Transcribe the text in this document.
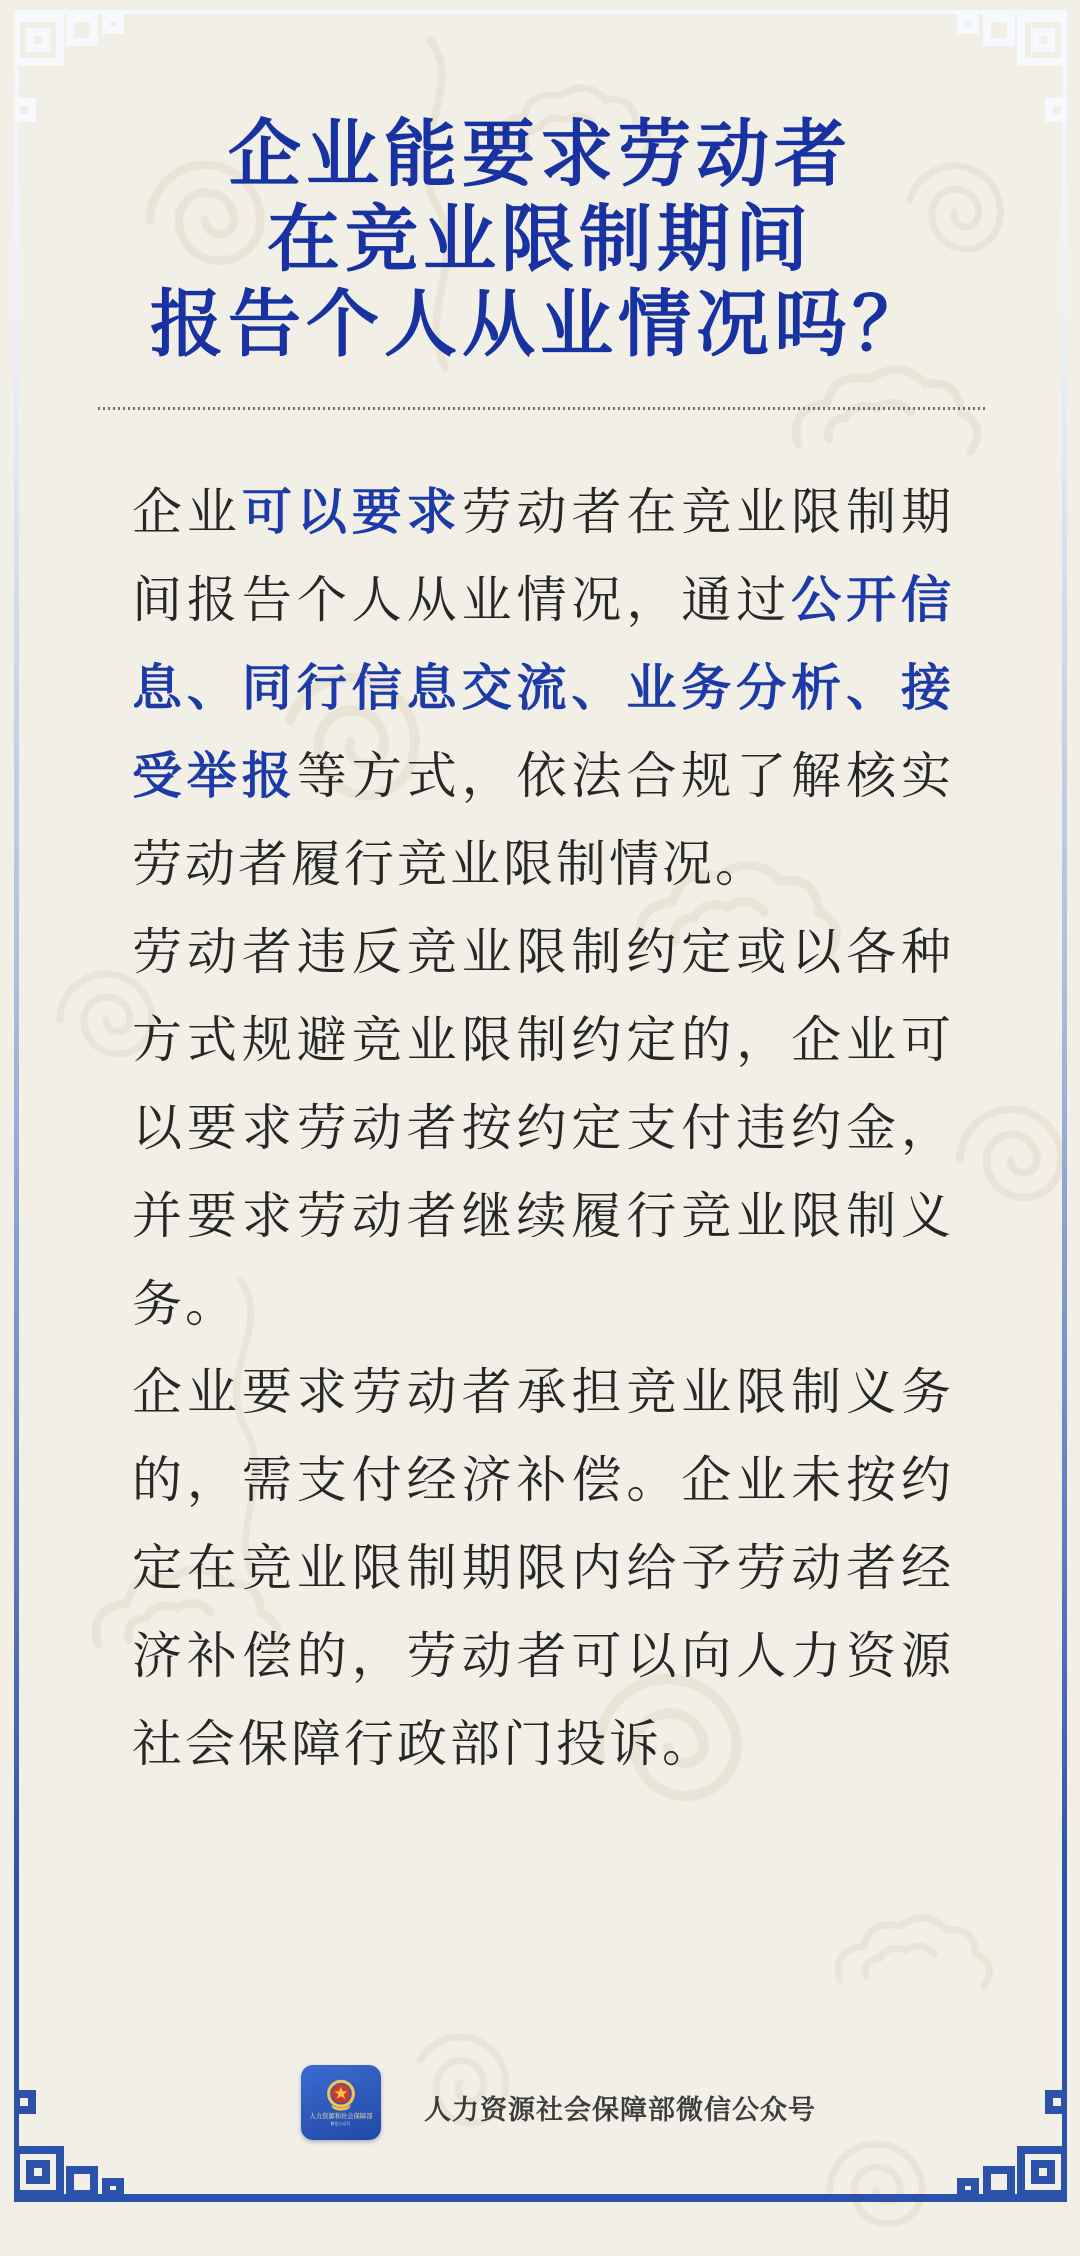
企业能要求劳动者
在竞业限制期间
报告个人从业情况吗？

企业可以要求劳动者在竞业限制期间报告个人从业情况，通过公开信息、同行信息交流、业务分析、接受举报等方式，依法合规了解核实劳动者履行竞业限制情况。

劳动者违反竞业限制约定或以各种方式规避竞业限制约定的，企业可以要求劳动者按约定支付违约金，并要求劳动者继续履行竞业限制义务。

企业要求劳动者承担竞业限制义务的，需支付经济补偿。企业未按约定在竞业限制期限内给予劳动者经济补偿的，劳动者可以向人力资源社会保障行政部门投诉。

人力资源和社会保障部
微信公众号	人力资源社会保障部微信公众号
